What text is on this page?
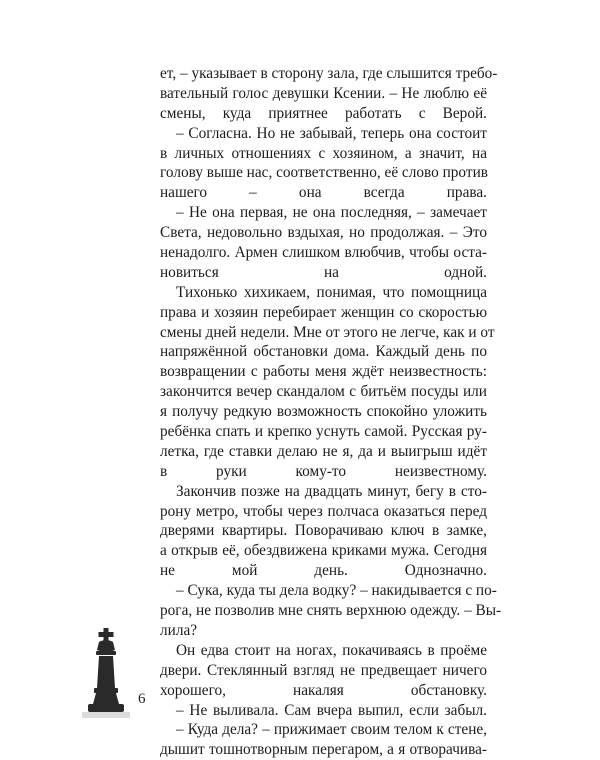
ет, – указывает в сторону зала, где слышится требо-
вательный голос девушки Ксении. – Не люблю её
смены, куда приятнее работать с Верой.
– Согласна. Но не забывай, теперь она состоит
в личных отношениях с хозяином, а значит, на
голову выше нас, соответственно, её слово против
нашего – она всегда права.
– Не она первая, не она последняя, – замечает
Света, недовольно вздыхая, но продолжая. – Это
ненадолго. Армен слишком влюбчив, чтобы оста-
новиться на одной.
Тихонько хихикаем, понимая, что помощница
права и хозяин перебирает женщин со скоростью
смены дней недели. Мне от этого не легче, как и от
напряжённой обстановки дома. Каждый день по
возвращении с работы меня ждёт неизвестность:
закончится вечер скандалом с битьём посуды или
я получу редкую возможность спокойно уложить
ребёнка спать и крепко уснуть самой. Русская ру-
летка, где ставки делаю не я, да и выигрыш идёт
в руки кому-то неизвестному.
Закончив позже на двадцать минут, бегу в сто-
рону метро, чтобы через полчаса оказаться перед
дверями квартиры. Поворачиваю ключ в замке,
а открыв её, обездвижена криками мужа. Сегодня
не мой день. Однозначно.
– Сука, куда ты дела водку? – накидывается с по-
рога, не позволив мне снять верхнюю одежду. – Вы-
лила?
Он едва стоит на ногах, покачиваясь в проёме
двери. Стеклянный взгляд не предвещает ничего
хорошего, накаляя обстановку.
– Не выливала. Сам вчера выпил, если забыл.
– Куда дела? – прижимает своим телом к стене,
дышит тошнотворным перегаром, а я отворачива-
6
